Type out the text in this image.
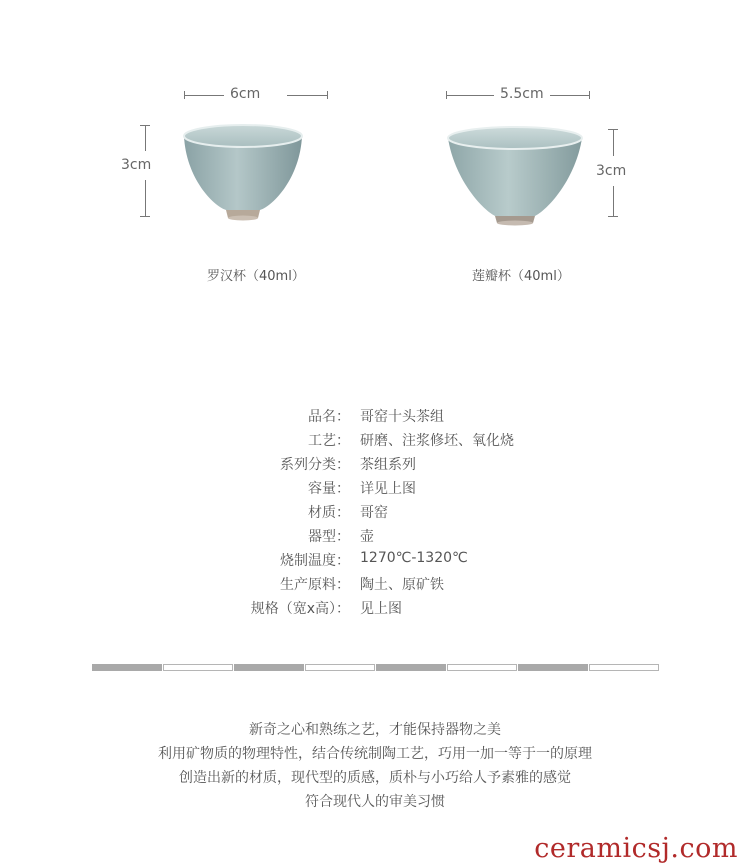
6cm
3cm
罗汉杯（40ml）
5.5cm
3cm
莲瓣杯（40ml）
品名： 哥窑十头茶组
工艺： 研磨、注浆修坯、氧化烧
系列分类： 茶组系列
容量： 详见上图
材质： 哥窑
器型： 壶
烧制温度： 1270℃-1320℃
生产原料： 陶土、原矿铁
规格（宽x高）： 见上图
新奇之心和熟练之艺，才能保持器物之美
利用矿物质的物理特性，结合传统制陶工艺，巧用一加一等于一的原理
创造出新的材质，现代型的质感，质朴与小巧给人予素雅的感觉
符合现代人的审美习惯
ceramicsj.com
